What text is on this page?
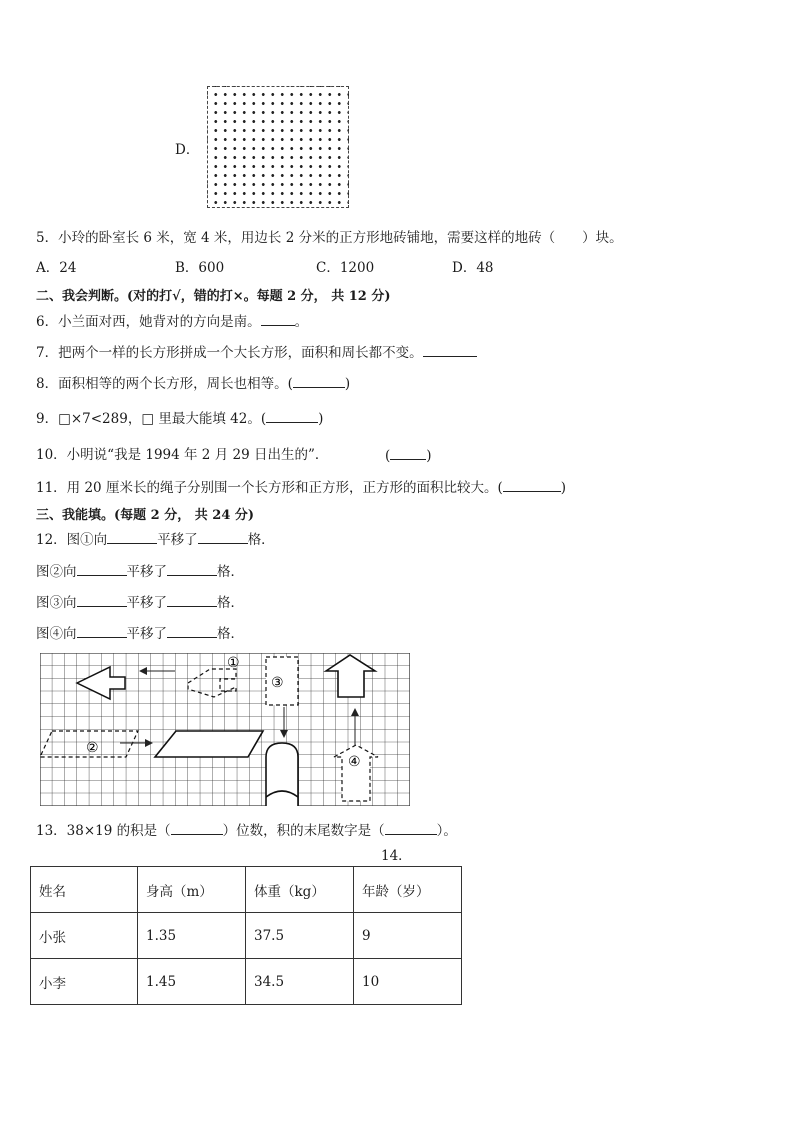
D．
5．小玲的卧室长 6 米，宽 4 米，用边长 2 分米的正方形地砖铺地，需要这样的地砖（　　）块。
A．24	B．600	C．1200	D．48
二、我会判断。(对的打√，错的打×。每题 2 分， 共 12 分)
6．小兰面对西，她背对的方向是南。	。
7．把两个一样的长方形拼成一个大长方形，面积和周长都不变。
8．面积相等的两个长方形，周长也相等。(	)
9．□×7<289，□ 里最大能填 42。(	)
10．小明说“我是 1994 年 2 月 29 日出生的”．	(	)
11．用 20 厘米长的绳子分别围一个长方形和正方形，正方形的面积比较大。(	)
三、我能填。(每题 2 分， 共 24 分)
12．图①向	平移了	格．
图②向	平移了	格．
图③向	平移了	格．
图④向	平移了	格．
①
②
③
④
13．38×19 的积是（	）位数，积的末尾数字是（	）。
14．
姓名	身高（m）	体重（kg）	年龄（岁）
小张	1.35	37.5	9
小李	1.45	34.5	10
